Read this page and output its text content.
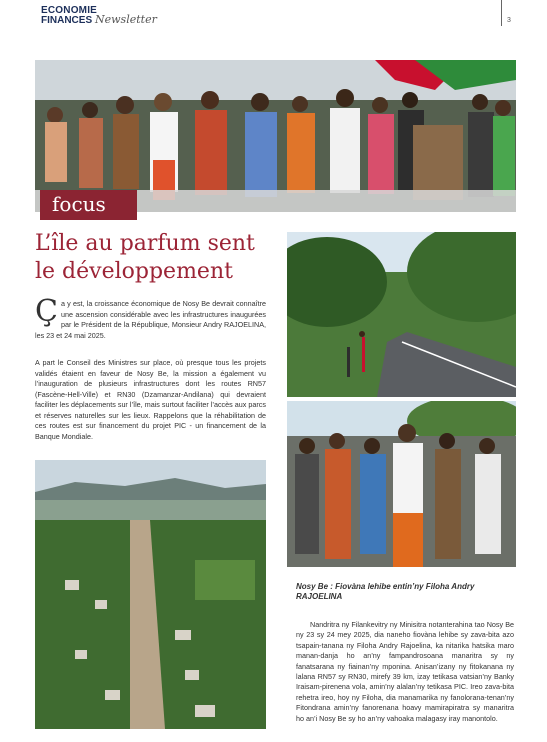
ECONOMIE
FINANCES Newsletter	3
focus
L’île au parfum sent le développement
Ça y est, la croissance économique de Nosy Be devrait connaître une ascension considérable avec les infrastructures inaugurées par le Président de la République, Monsieur Andry RAJOELINA, les 23 et 24 mai 2025.
A part le Conseil des Ministres sur place, où presque tous les projets validés étaient en faveur de Nosy Be, la mission a également vu l’inauguration de plusieurs infrastructures dont les routes RN57 (Fascène-Hell-Ville) et RN30 (Dzamanzar-Andilana) qui devraient faciliter les déplacements sur l’île, mais surtout faciliter l’accès aux parcs et réserves naturelles sur les lieux. Rappelons que la réhabilitation de ces routes est sur financement du projet PIC - un financement de la Banque Mondiale.
Nosy Be : Fiovàna lehibe entin’ny Filoha Andry RAJOELINA
Nandritra ny Filankevitry ny Minisitra notanterahina tao Nosy Be ny 23 sy 24 mey 2025, dia naneho fiovàna lehibe sy zava-bita azo tsapain-tanana ny Filoha Andry Rajoelina, ka nitarika hatsika maro manan-danja ho an’ny fampandrosoana manaritra sy ny fanatsarana ny fiainan’ny mponina. Anisan’izany ny fitokanana ny lalana RN57 sy RN30, mirefy 39 km, izay tetikasa vatsian’ny Banky Iraisam-pirenena vola, amin’ny alalan’ny tetikasa PIC. Ireo zava-bita rehetra ireo, hoy ny Filoha, dia manamarika ny fanolorana-tenan’ny Fitondrana amin’ny fanorenana hoavy mamirapiratra sy manaritra ho an’i Nosy Be sy ho an’ny vahoaka malagasy iray manontolo.
